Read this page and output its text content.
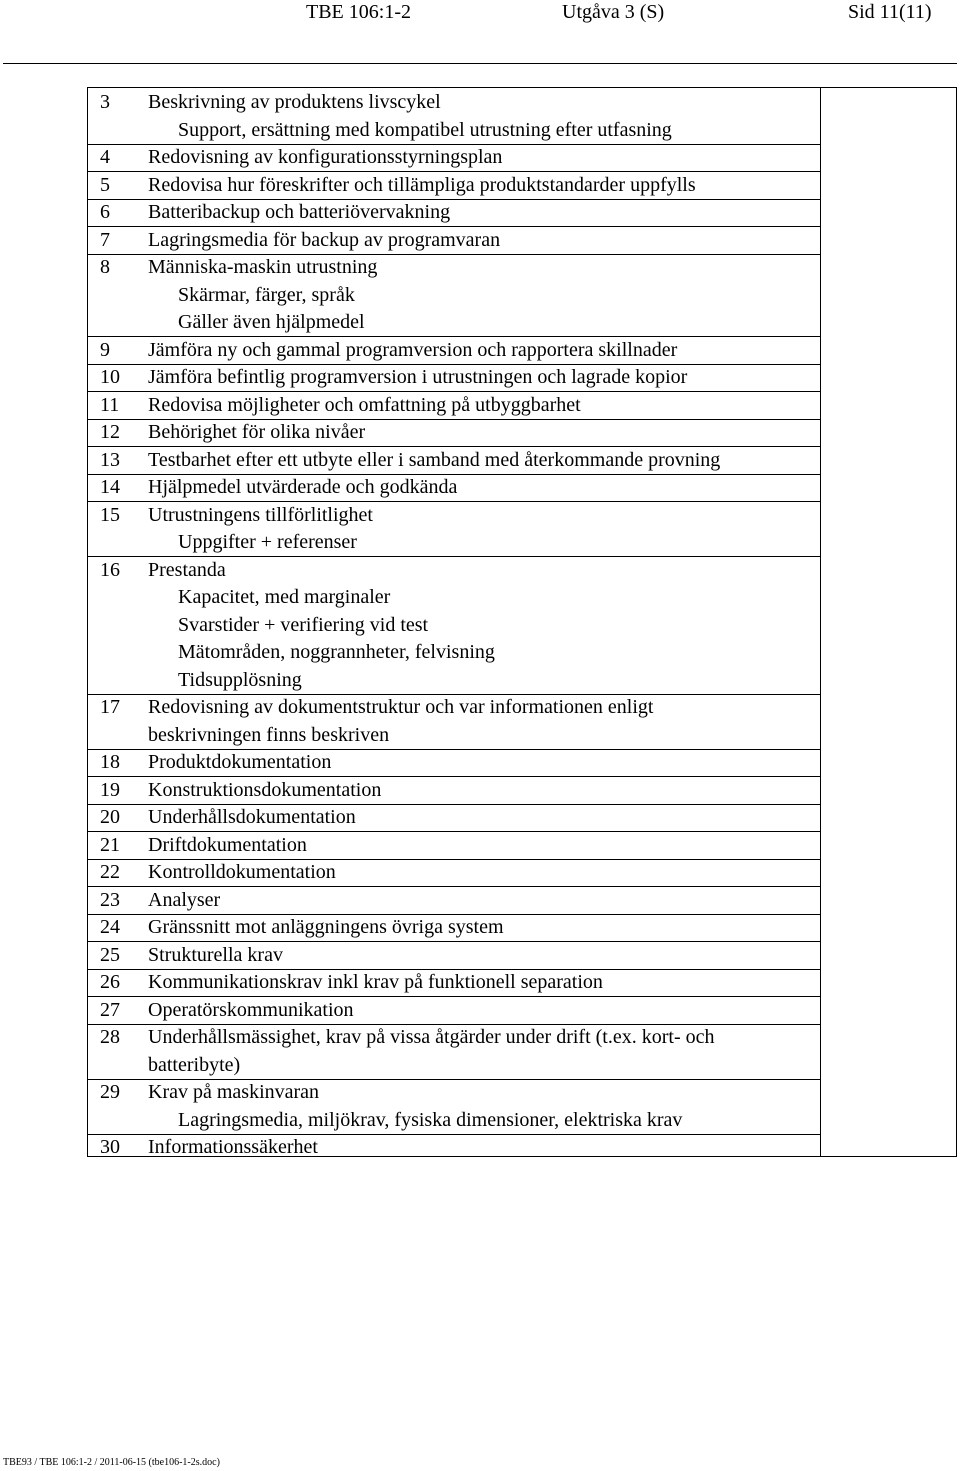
TBE 106:1-2	Utgåva 3 (S)	Sid 11(11)
3 Beskrivning av produktens livscykel
Support, ersättning med kompatibel utrustning efter utfasning
4 Redovisning av konfigurationsstyrningsplan
5 Redovisa hur föreskrifter och tillämpliga produktstandarder uppfylls
6 Batteribackup och batteriövervakning
7 Lagringsmedia för backup av programvaran
8 Människa-maskin utrustning
Skärmar, färger, språk
Gäller även hjälpmedel
9 Jämföra ny och gammal programversion och rapportera skillnader
10 Jämföra befintlig programversion i utrustningen och lagrade kopior
11 Redovisa möjligheter och omfattning på utbyggbarhet
12 Behörighet för olika nivåer
13 Testbarhet efter ett utbyte eller i samband med återkommande provning
14 Hjälpmedel utvärderade och godkända
15 Utrustningens tillförlitlighet
Uppgifter + referenser
16 Prestanda
Kapacitet, med marginaler
Svarstider + verifiering vid test
Mätområden, noggrannheter, felvisning
Tidsupplösning
17 Redovisning av dokumentstruktur och var informationen enligt
beskrivningen finns beskriven
18 Produktdokumentation
19 Konstruktionsdokumentation
20 Underhållsdokumentation
21 Driftdokumentation
22 Kontrolldokumentation
23 Analyser
24 Gränssnitt mot anläggningens övriga system
25 Strukturella krav
26 Kommunikationskrav inkl krav på funktionell separation
27 Operatörskommunikation
28 Underhållsmässighet, krav på vissa åtgärder under drift (t.ex. kort- och
batteribyte)
29 Krav på maskinvaran
Lagringsmedia, miljökrav, fysiska dimensioner, elektriska krav
30 Informationssäkerhet
TBE93 / TBE 106:1-2 / 2011-06-15 (tbe106-1-2s.doc)
